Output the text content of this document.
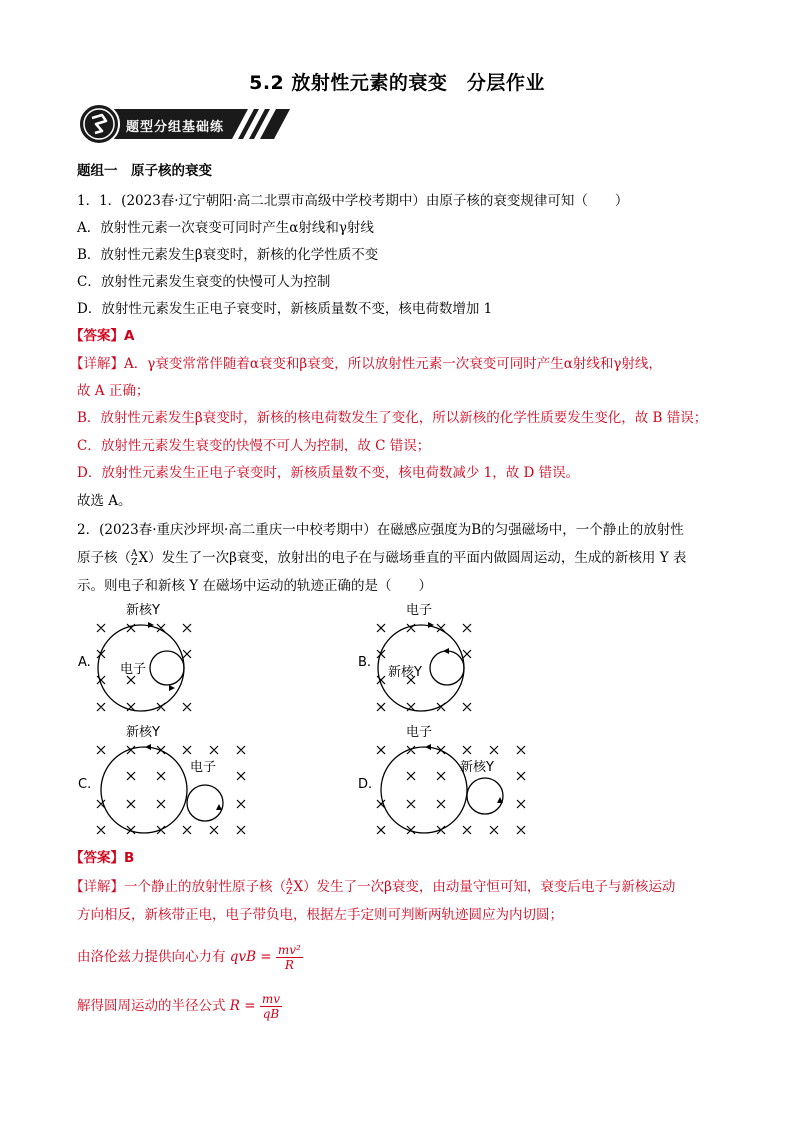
5.2 放射性元素的衰变　分层作业
题型分组基础练
题组一　原子核的衰变
1．1．(2023春·辽宁朝阳·高二北票市高级中学校考期中）由原子核的衰变规律可知（　　）
A．放射性元素一次衰变可同时产生α射线和γ射线
B．放射性元素发生β衰变时，新核的化学性质不变
C．放射性元素发生衰变的快慢可人为控制
D．放射性元素发生正电子衰变时，新核质量数不变，核电荷数增加 1
【答案】A
【详解】A．γ衰变常常伴随着α衰变和β衰变，所以放射性元素一次衰变可同时产生α射线和γ射线，
故 A 正确；
B．放射性元素发生β衰变时，新核的核电荷数发生了变化，所以新核的化学性质要发生变化，故 B 错误；
C．放射性元素发生衰变的快慢不可人为控制，故 C 错误；
D．放射性元素发生正电子衰变时，新核质量数不变，核电荷数减少 1，故 D 错误。
故选 A。
2．(2023春·重庆沙坪坝·高二重庆一中校考期中）在磁感应强度为B的匀强磁场中，一个静止的放射性
原子核（ A
Z X）发生了一次β衰变，放射出的电子在与磁场垂直的平面内做圆周运动，生成的新核用 Y 表
示。则电子和新核 Y 在磁场中运动的轨迹正确的是（　　）
A.
新核Y
电子	B.
电子
新核Y
C.
新核Y
电子
D.
电子
新核Y
【答案】B
【详解】一个静止的放射性原子核（ A
Z X）发生了一次β衰变，由动量守恒可知，衰变后电子与新核运动
方向相反，新核带正电，电子带负电，根据左手定则可判断两轨迹圆应为内切圆；
由洛伦兹力提供向心力有 qvB = $\frac{\text{mv²}}{R}$
解得圆周运动的半径公式 $R = \frac{mv}{qB}$
